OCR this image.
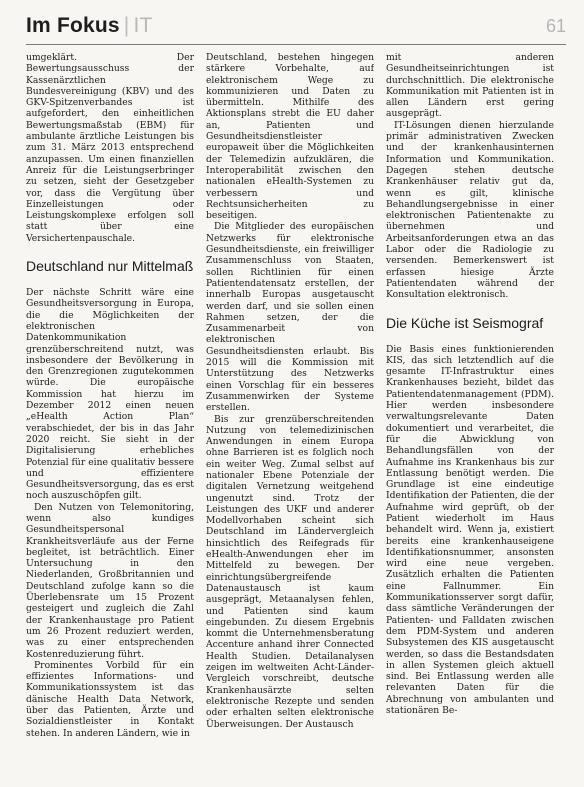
Im Fokus | IT	61

umgeklärt. Der Bewertungsausschuss der Kassenärztlichen Bundesvereinigung (KBV) und des GKV-Spitzenverbandes ist aufgefordert, den einheitlichen Bewertungsmaßstab (EBM) für ambulante ärztliche Leistungen bis zum 31. März 2013 entsprechend anzupassen. Um einen finanziellen Anreiz für die Leistungserbringer zu setzen, sieht der Gesetzgeber vor, dass die Vergütung über Einzelleistungen oder Leistungskomplexe erfolgen soll statt über eine Versichertenpauschale.

Deutschland nur Mittelmaß

Der nächste Schritt wäre eine Gesundheitsversorgung in Europa, die die Möglichkeiten der elektronischen Datenkommunikation grenzüberschreitend nutzt, was insbesondere der Bevölkerung in den Grenzregionen zugutekommen würde. Die europäische Kommission hat hierzu im Dezember 2012 einen neuen „eHealth Action Plan“ verabschiedet, der bis in das Jahr 2020 reicht. Sie sieht in der Digitalisierung erhebliches Potenzial für eine qualitativ bessere und effizientere Gesundheitsversorgung, das es erst noch auszuschöpfen gilt.

Den Nutzen von Telemonitoring, wenn also kundiges Gesundheitspersonal Krankheitsverläufe aus der Ferne begleitet, ist beträchtlich. Einer Untersuchung in den Niederlanden, Großbritannien und Deutschland zufolge kann so die Überlebensrate um 15 Prozent gesteigert und zugleich die Zahl der Krankenhaustage pro Patient um 26 Prozent reduziert werden, was zu einer entsprechenden Kostenreduzierung führt.

Prominentes Vorbild für ein effizientes Informations- und Kommunikationssystem ist das dänische Health Data Network, über das Patienten, Ärzte und Sozialdienstleister in Kontakt stehen. In anderen Ländern, wie in

Deutschland, bestehen hingegen stärkere Vorbehalte, auf elektronischem Wege zu kommunizieren und Daten zu übermitteln. Mithilfe des Aktionsplans strebt die EU daher an, Patienten und Gesundheitsdienstleister europaweit über die Möglichkeiten der Telemedizin aufzuklären, die Interoperabilität zwischen den nationalen eHealth-Systemen zu verbessern und Rechtsunsicherheiten zu beseitigen.

Die Mitglieder des europäischen Netzwerks für elektronische Gesundheitsdienste, ein freiwilliger Zusammenschluss von Staaten, sollen Richtlinien für einen Patientendatensatz erstellen, der innerhalb Europas ausgetauscht werden darf, und sie sollen einen Rahmen setzen, der die Zusammenarbeit von elektronischen Gesundheitsdiensten erlaubt. Bis 2015 will die Kommission mit Unterstützung des Netzwerks einen Vorschlag für ein besseres Zusammenwirken der Systeme erstellen.

Bis zur grenzüberschreitenden Nutzung von telemedizinischen Anwendungen in einem Europa ohne Barrieren ist es folglich noch ein weiter Weg. Zumal selbst auf nationaler Ebene Potenziale der digitalen Vernetzung weitgehend ungenutzt sind. Trotz der Leistungen des UKF und anderer Modellvorhaben scheint sich Deutschland im Ländervergleich hinsichtlich des Reifegrads für eHealth-Anwendungen eher im Mittelfeld zu bewegen. Der einrichtungsübergreifende Datenaustausch ist kaum ausgeprägt, Metaanalysen fehlen, und Patienten sind kaum eingebunden. Zu diesem Ergebnis kommt die Unternehmensberatung Accenture anhand ihrer Connected Health Studien. Detailanalysen zeigen im weltweiten Acht-Länder-Vergleich vorschreibt, deutsche Krankenhausärzte selten elektronische Rezepte und senden oder erhalten selten elektronische Überweisungen. Der Austausch

mit anderen Gesundheitseinrichtungen ist durchschnittlich. Die elektronische Kommunikation mit Patienten ist in allen Ländern erst gering ausgeprägt.

IT-Lösungen dienen hierzulande primär administrativen Zwecken und der krankenhausinternen Information und Kommunikation. Dagegen stehen deutsche Krankenhäuser relativ gut da, wenn es gilt, klinische Behandlungsergebnisse in einer elektronischen Patientenakte zu übernehmen und Arbeitsanforderungen etwa an das Labor oder die Radiologie zu versenden. Bemerkenswert ist erfassen hiesige Ärzte Patientendaten während der Konsultation elektronisch.

Die Küche ist Seismograf

Die Basis eines funktionierenden KIS, das sich letztendlich auf die gesamte IT-Infrastruktur eines Krankenhauses bezieht, bildet das Patientendatenmanagement (PDM). Hier werden insbesondere verwaltungsrelevante Daten dokumentiert und verarbeitet, die für die Abwicklung von Behandlungsfällen von der Aufnahme ins Krankenhaus bis zur Entlassung benötigt werden. Die Grundlage ist eine eindeutige Identifikation der Patienten, die der Aufnahme wird geprüft, ob der Patient wiederholt im Haus behandelt wird. Wenn ja, existiert bereits eine krankenhauseigene Identifikationsnummer, ansonsten wird eine neue vergeben. Zusätzlich erhalten die Patienten eine Fallnummer. Ein Kommunikationsserver sorgt dafür, dass sämtliche Veränderungen der Patienten- und Falldaten zwischen dem PDM-System und anderen Subsystemen des KIS ausgetauscht werden, so dass die Bestandsdaten in allen Systemen gleich aktuell sind. Bei Entlassung werden alle relevanten Daten für die Abrechnung von ambulanten und stationären Be-
